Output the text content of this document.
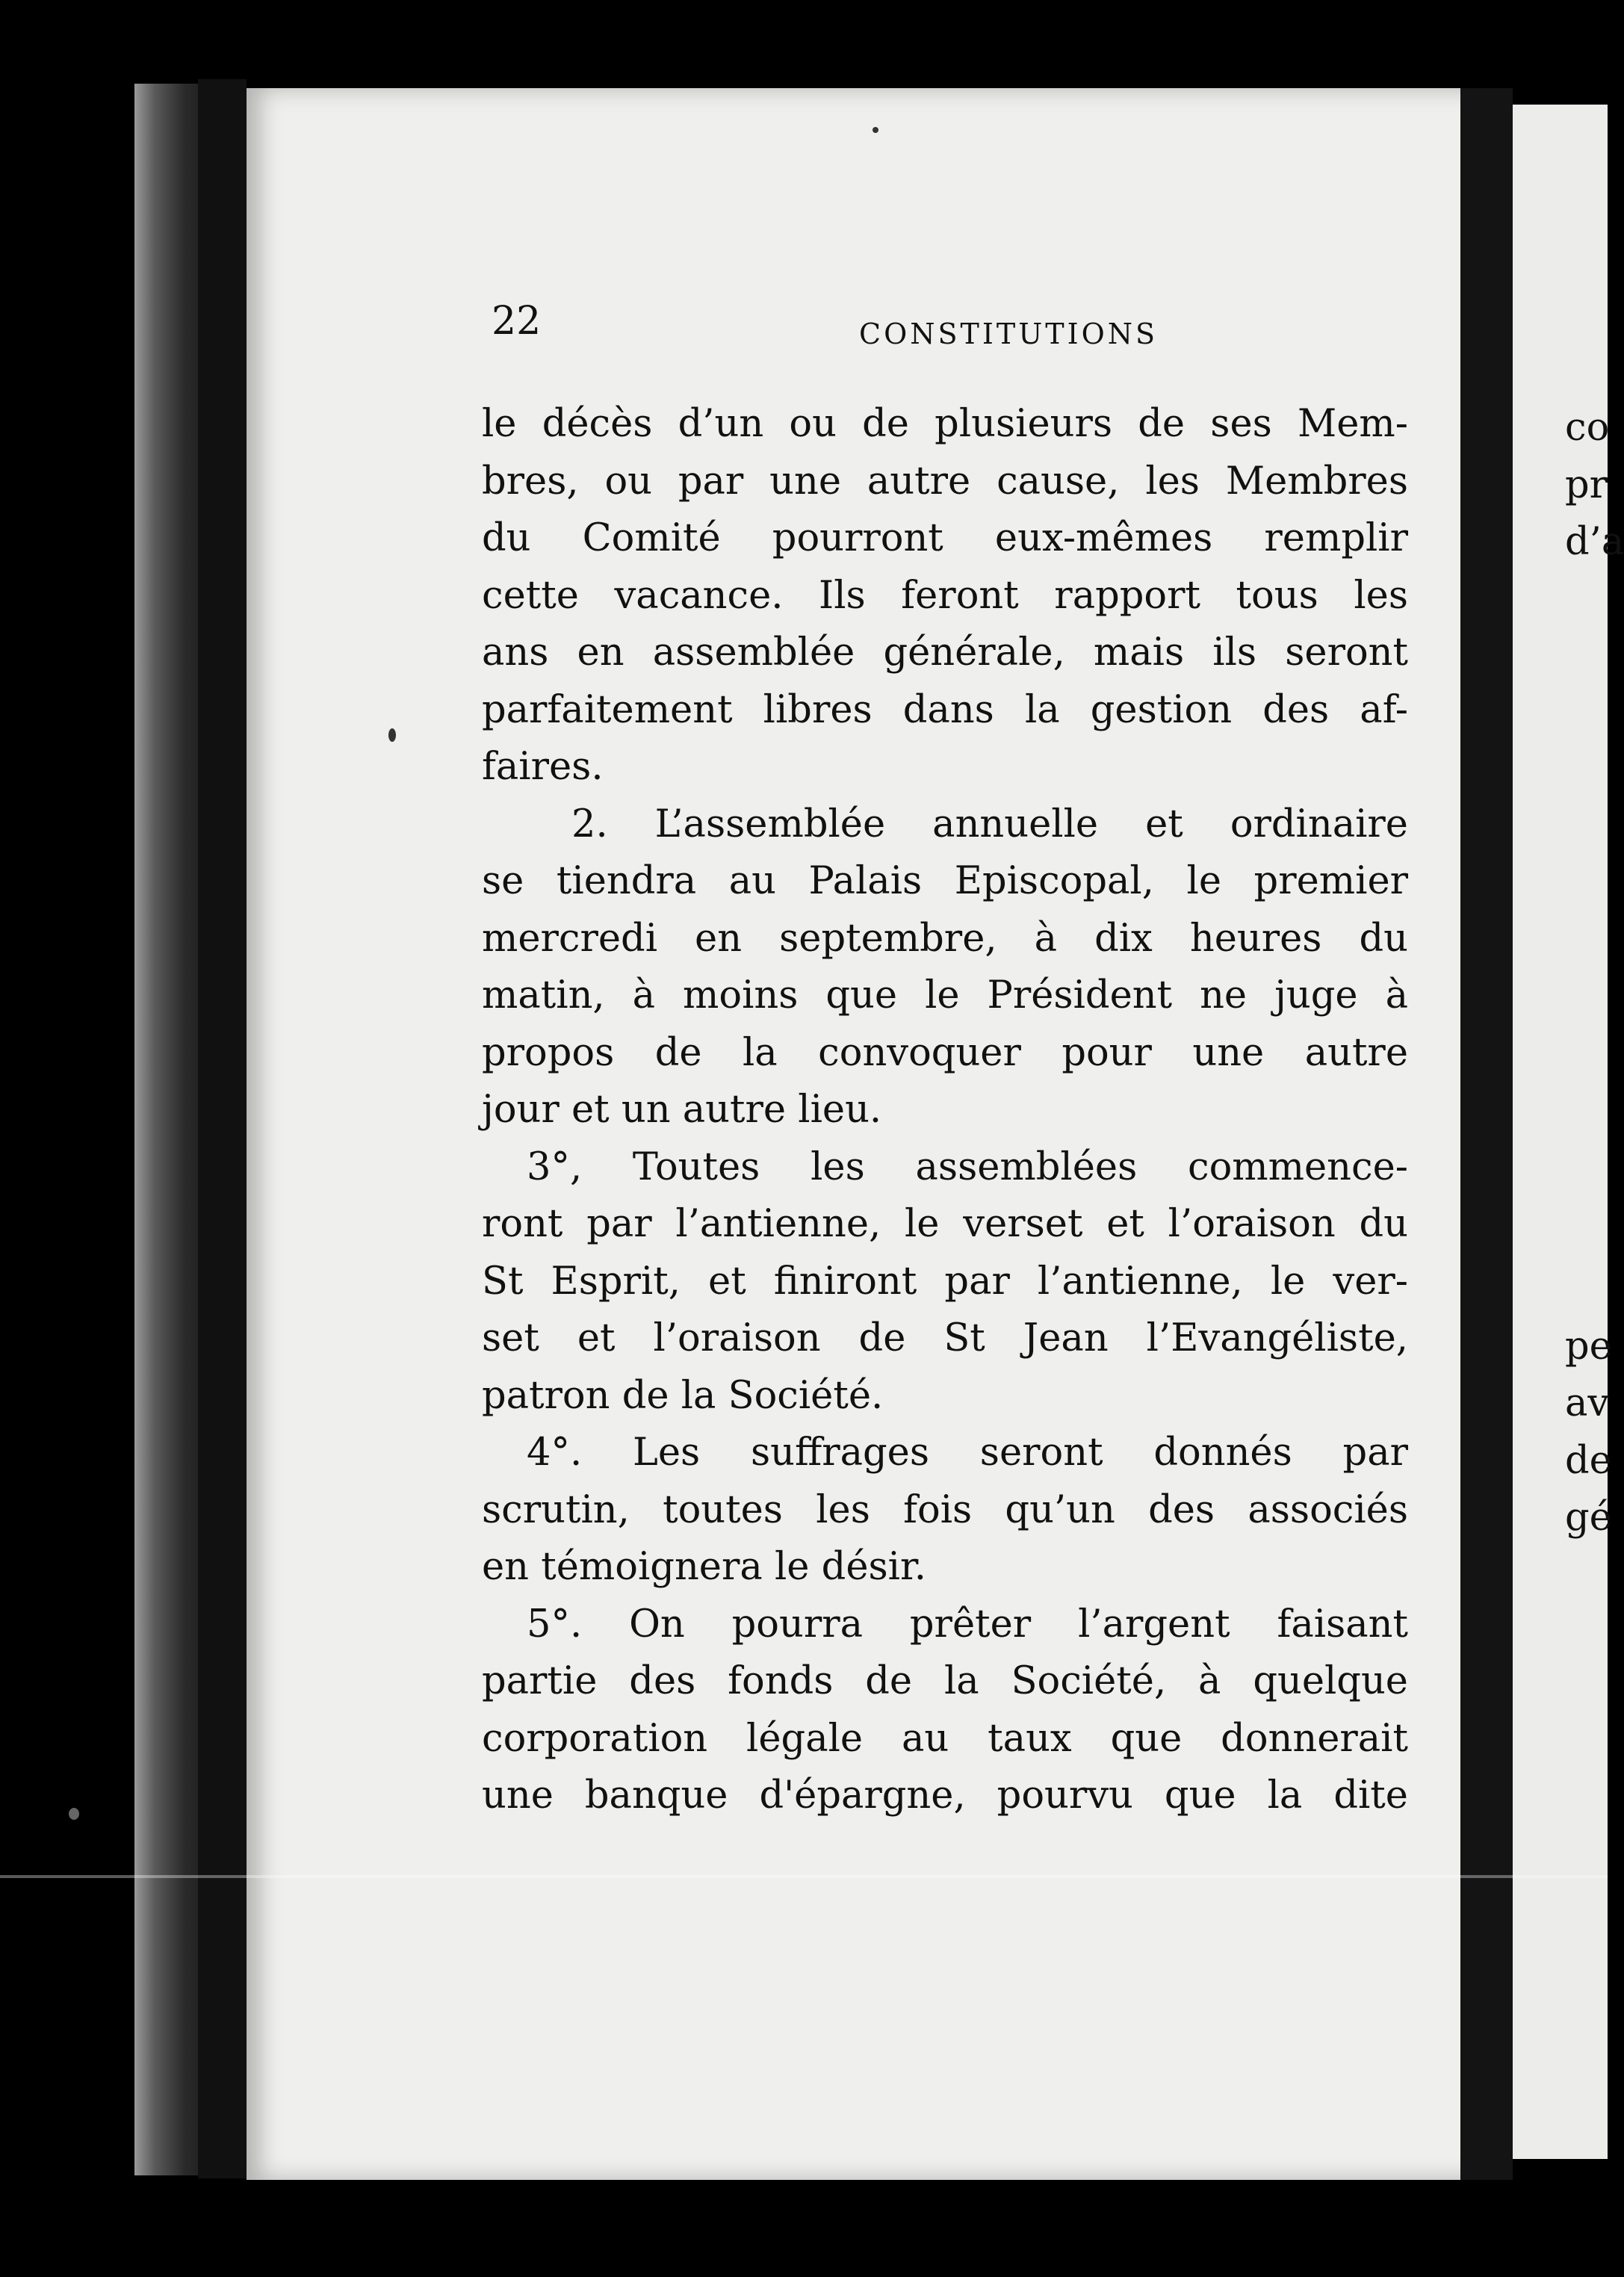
22	CONSTITUTIONS
le décès d’un ou de plusieurs de ses Mem-
bres, ou par une autre cause, les Membres
du Comité pourront eux-mêmes remplir
cette vacance. Ils feront rapport tous les
ans en assemblée générale, mais ils seront
parfaitement libres dans la gestion des af-
faires.
2. L’assemblée annuelle et ordinaire
se tiendra au Palais Episcopal, le premier
mercredi en septembre, à dix heures du
matin, à moins que le Président ne juge à
propos de la convoquer pour une autre
jour et un autre lieu.
3°, Toutes les assemblées commence-
ront par l’antienne, le verset et l’oraison du
St Esprit, et finiront par l’antienne, le ver-
set et l’oraison de St Jean l’Evangéliste,
patron de la Société.
4°. Les suffrages seront donnés par
scrutin, toutes les fois qu’un des associés
en témoignera le désir.
5°. On pourra prêter l’argent faisant
partie des fonds de la Société, à quelque
corporation légale au taux que donnerait
une banque d'épargne, pourvu que la dite
co
pr
d’a
pe
av
de
gé
